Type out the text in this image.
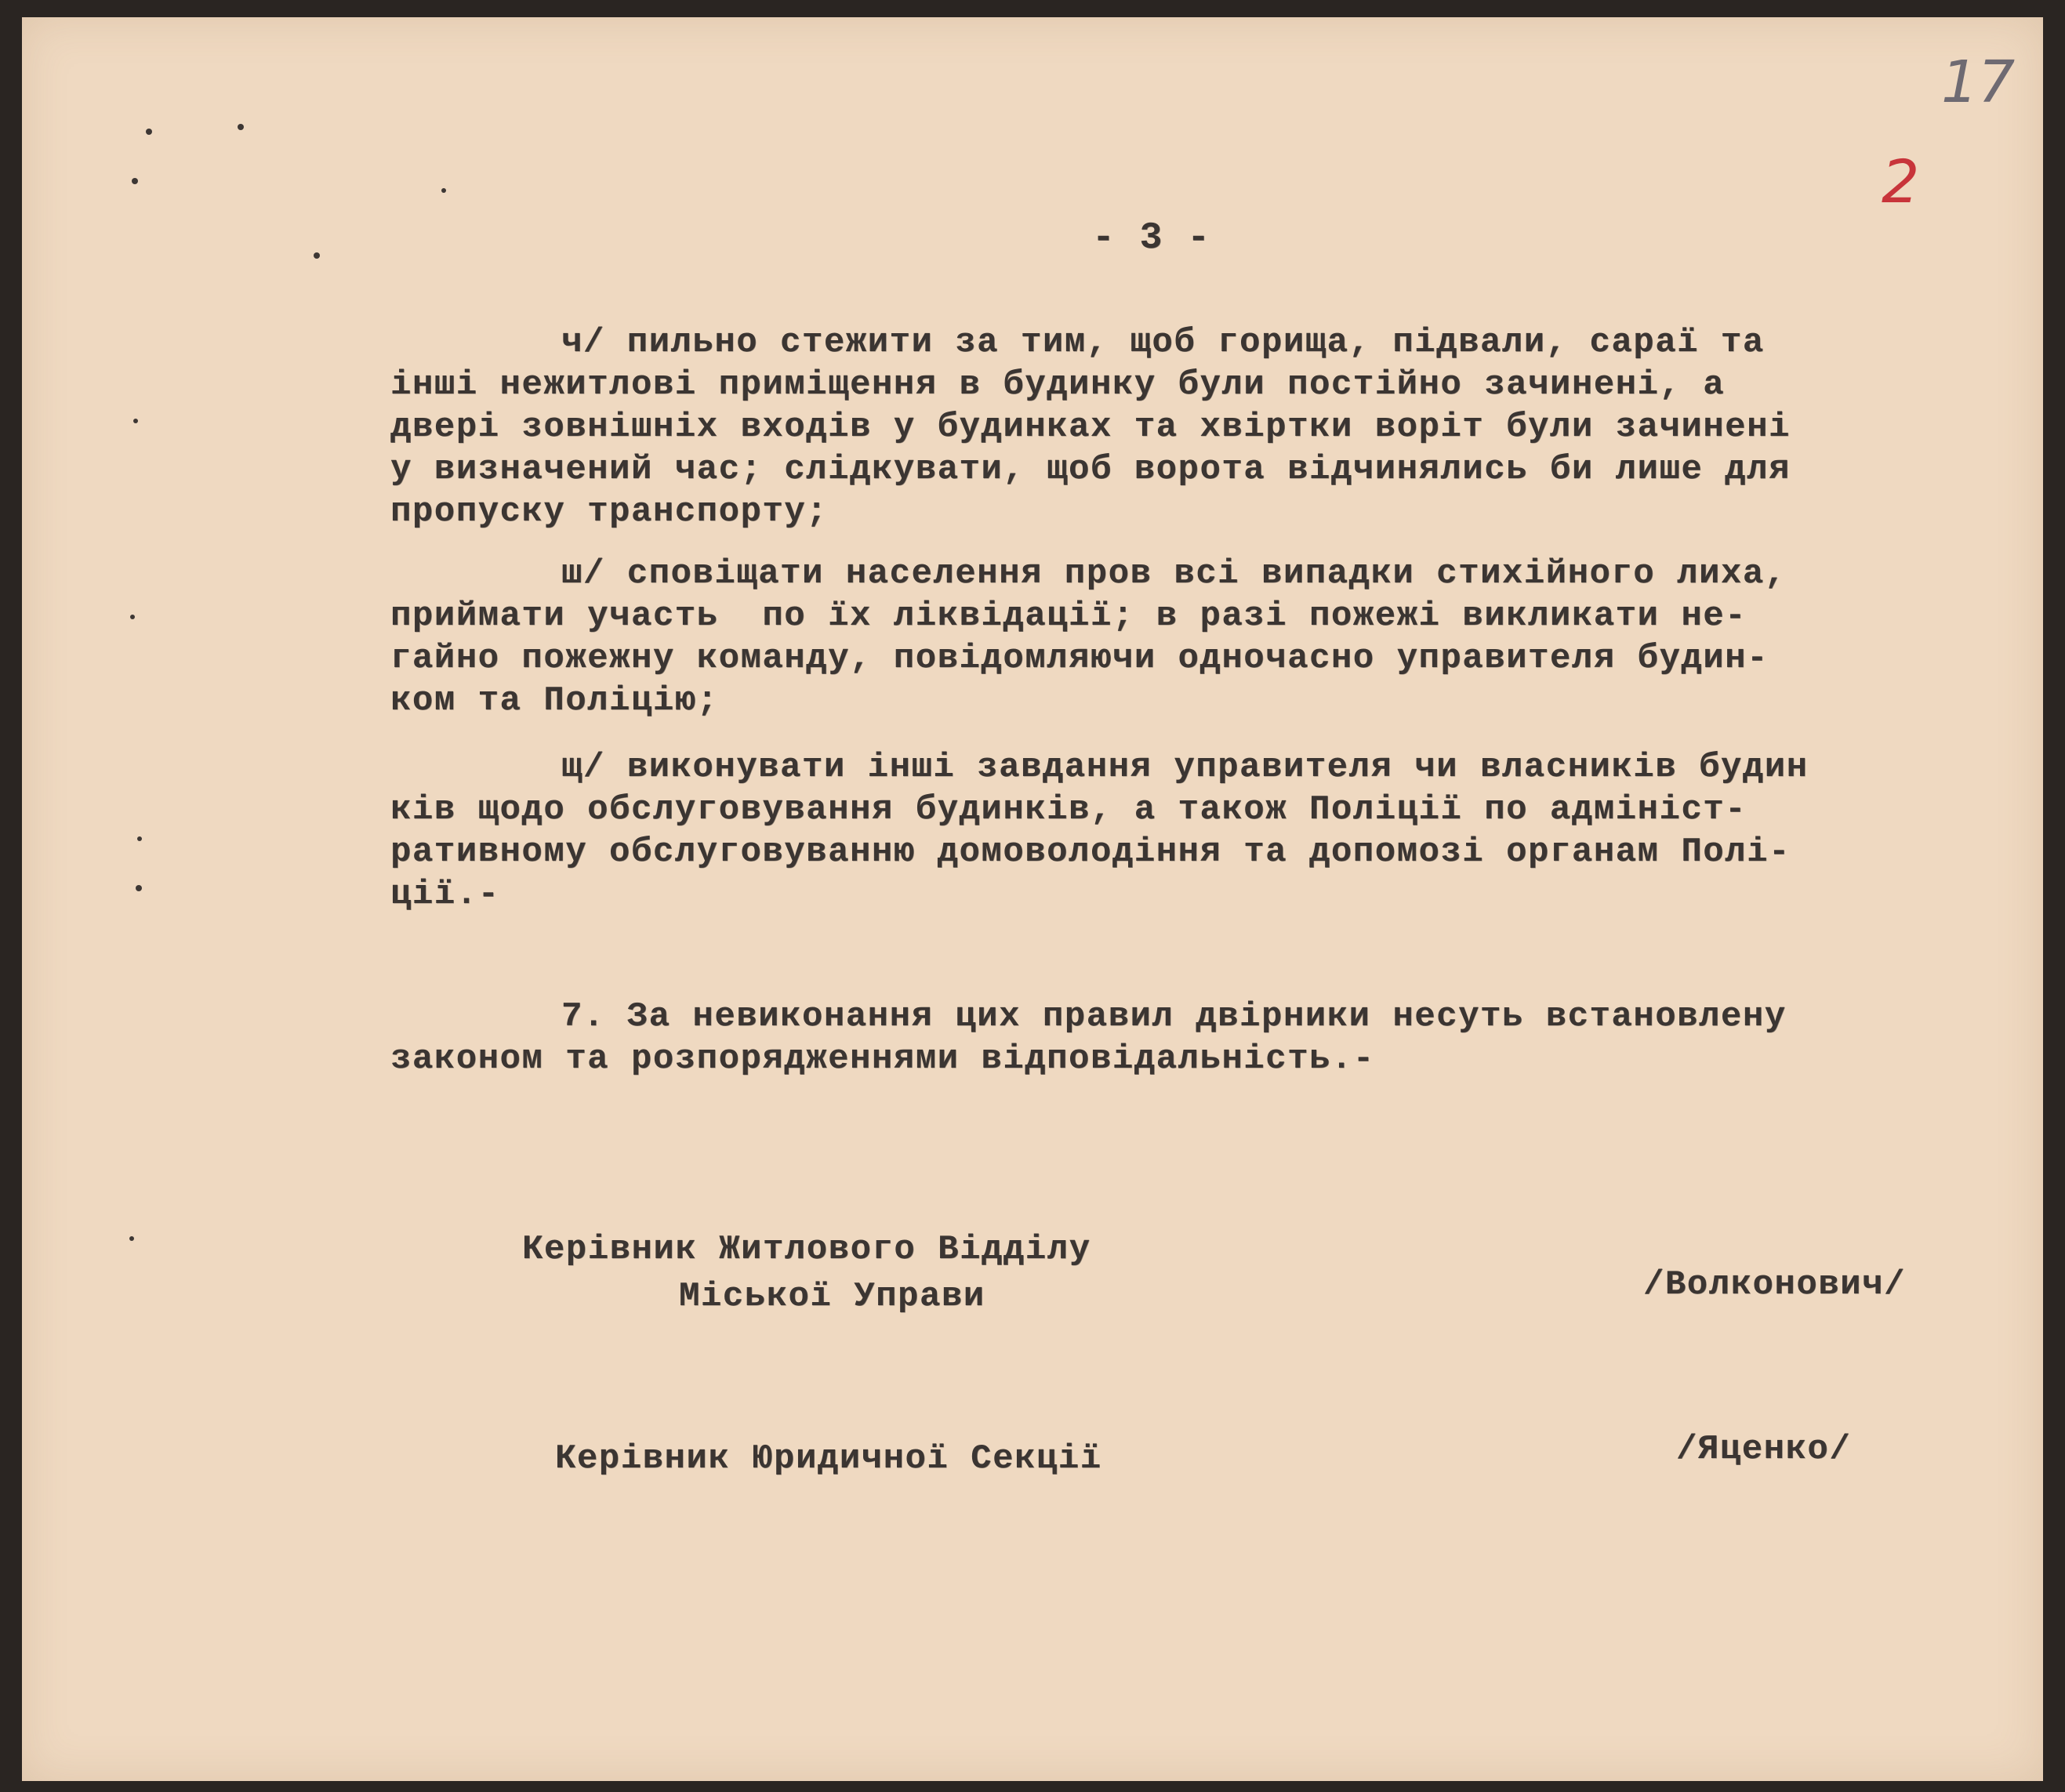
17
2
- 3 -
ч/ пильно стежити за тим, щоб горища, підвали, сараї та
інші нежитлові приміщення в будинку були постійно зачинені, а
двері зовнішніх входів у будинках та хвіртки воріт були зачинені
у визначений час; слідкувати, щоб ворота відчинялись би лише для
пропуску транспорту;
ш/ сповіщати населення пров всі випадки стихійного лиха,
приймати участь  по їх ліквідації; в разі пожежі викликати не-
гайно пожежну команду, повідомляючи одночасно управителя будин-
ком та Поліцію;
щ/ виконувати інші завдання управителя чи власників будин
ків щодо обслуговування будинків, а також Поліції по адмініст-
ративному обслуговуванню домоволодіння та допомозі органам Полі-
ції.-
7. За невиконання цих правил двірники несуть встановлену
законом та розпорядженнями відповідальність.-
Керівник Житлового Відділу
Міської Управи	/Волконович/
Керівник Юридичної Секції	/Яценко/
